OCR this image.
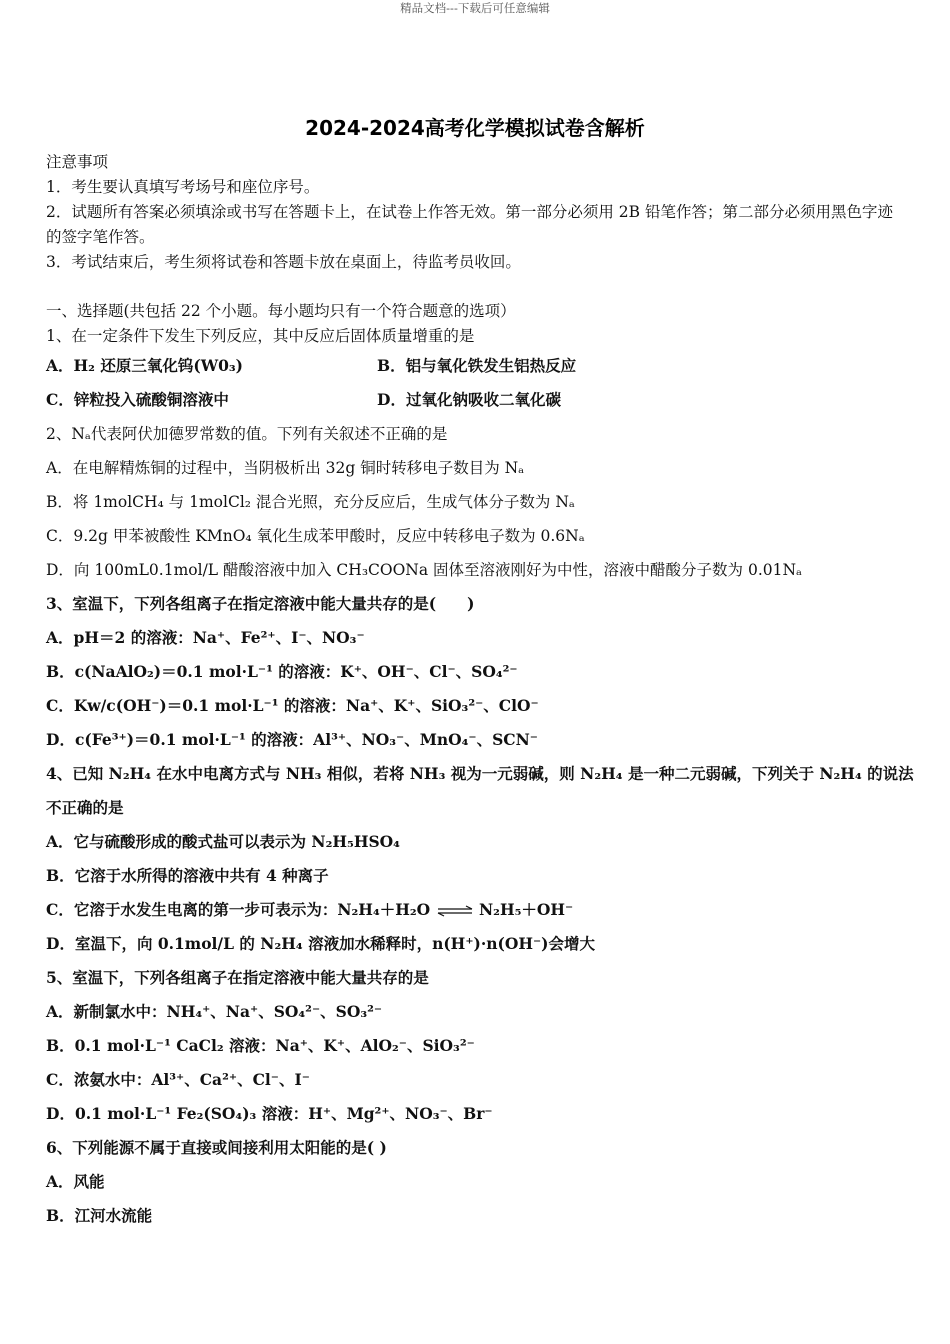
精品文档---下载后可任意编辑
2024-2024高考化学模拟试卷含解析
注意事项
1．考生要认真填写考场号和座位序号。
2．试题所有答案必须填涂或书写在答题卡上，在试卷上作答无效。第一部分必须用 2B 铅笔作答；第二部分必须用黑色字迹的签字笔作答。
3．考试结束后，考生须将试卷和答题卡放在桌面上，待监考员收回。
一、选择题(共包括 22 个小题。每小题均只有一个符合题意的选项）
1、在一定条件下发生下列反应，其中反应后固体质量增重的是
A．H₂ 还原三氧化钨(W0₃)	B．铝与氧化铁发生铝热反应
C．锌粒投入硫酸铜溶液中	D．过氧化钠吸收二氧化碳
2、Nₐ代表阿伏加德罗常数的值。下列有关叙述不正确的是
A．在电解精炼铜的过程中，当阴极析出 32g 铜时转移电子数目为 Nₐ
B．将 1molCH₄ 与 1molCl₂ 混合光照，充分反应后，生成气体分子数为 Nₐ
C．9.2g 甲苯被酸性 KMnO₄ 氧化生成苯甲酸时，反应中转移电子数为 0.6Nₐ
D．向 100mL0.1mol/L 醋酸溶液中加入 CH₃COONa 固体至溶液刚好为中性，溶液中醋酸分子数为 0.01Nₐ
3、室温下，下列各组离子在指定溶液中能大量共存的是(　　)
A．pH＝2 的溶液：Na⁺、Fe²⁺、I⁻、NO₃⁻
B．c(NaAlO₂)＝0.1 mol·L⁻¹ 的溶液：K⁺、OH⁻、Cl⁻、SO₄²⁻
C．Kw/c(OH⁻)＝0.1 mol·L⁻¹ 的溶液：Na⁺、K⁺、SiO₃²⁻、ClO⁻
D．c(Fe³⁺)＝0.1 mol·L⁻¹ 的溶液：Al³⁺、NO₃⁻、MnO₄⁻、SCN⁻
4、已知 N₂H₄ 在水中电离方式与 NH₃ 相似，若将 NH₃ 视为一元弱碱，则 N₂H₄ 是一种二元弱碱，下列关于 N₂H₄ 的说法
不正确的是
A．它与硫酸形成的酸式盐可以表示为 N₂H₅HSO₄
B．它溶于水所得的溶液中共有 4 种离子
C．它溶于水发生电离的第一步可表示为：N₂H₄＋H₂O ⇌ N₂H₅＋OH⁻
D．室温下，向 0.1mol/L 的 N₂H₄ 溶液加水稀释时，n(H⁺)·n(OH⁻)会增大
5、室温下，下列各组离子在指定溶液中能大量共存的是
A．新制氯水中：NH₄⁺、Na⁺、SO₄²⁻、SO₃²⁻
B．0.1 mol·L⁻¹ CaCl₂ 溶液：Na⁺、K⁺、AlO₂⁻、SiO₃²⁻
C．浓氨水中：Al³⁺、Ca²⁺、Cl⁻、I⁻
D．0.1 mol·L⁻¹ Fe₂(SO₄)₃ 溶液：H⁺、Mg²⁺、NO₃⁻、Br⁻
6、下列能源不属于直接或间接利用太阳能的是( )
A．风能
B．江河水流能
